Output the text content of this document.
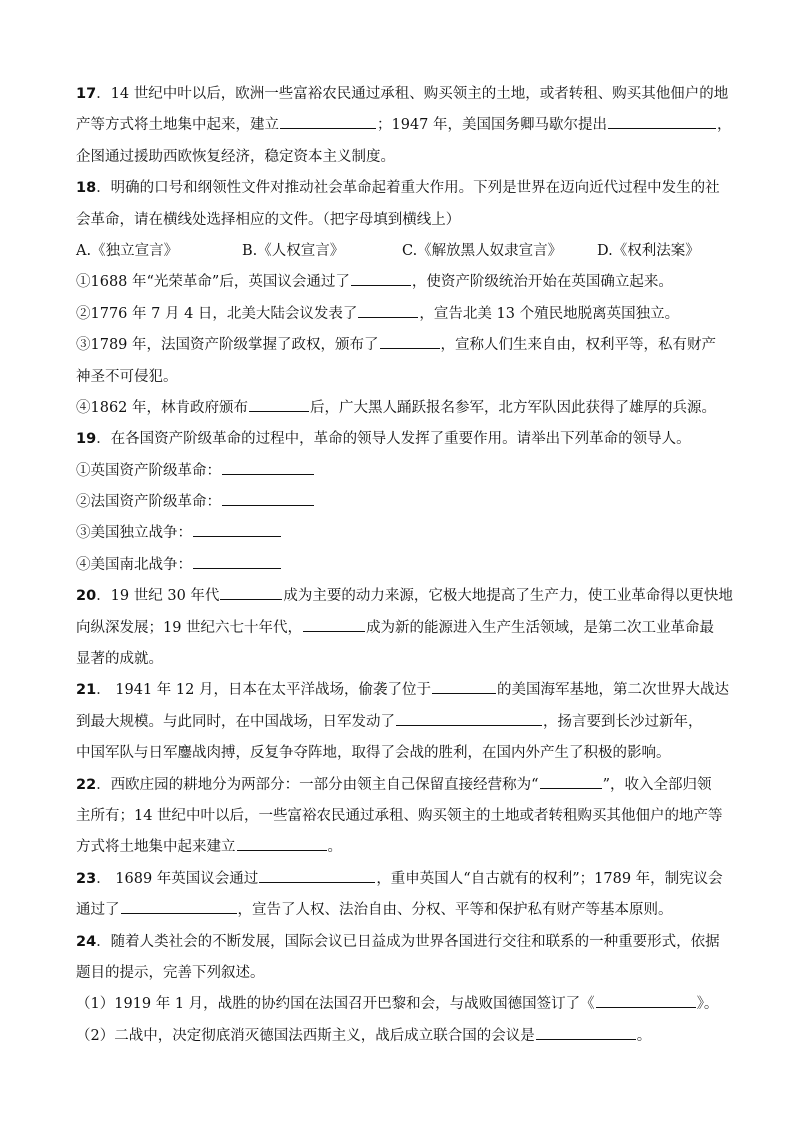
17．14 世纪中叶以后，欧洲一些富裕农民通过承租、购买领主的土地，或者转租、购买其他佃户的地
产等方式将土地集中起来，建立	；1947 年，美国国务卿马歇尔提出	，
企图通过援助西欧恢复经济，稳定资本主义制度。
18．明确的口号和纲领性文件对推动社会革命起着重大作用。下列是世界在迈向近代过程中发生的社
会革命，请在横线处选择相应的文件。（把字母填到横线上）
A.《独立宣言》	B.《人权宣言》	C.《解放黑人奴隶宣言》	D.《权利法案》
①1688 年“光荣革命”后，英国议会通过了	，使资产阶级统治开始在英国确立起来。
②1776 年 7 月 4 日，北美大陆会议发表了	，宣告北美 13 个殖民地脱离英国独立。
③1789 年，法国资产阶级掌握了政权，颁布了	，宣称人们生来自由，权利平等，私有财产
神圣不可侵犯。
④1862 年，林肯政府颁布	后，广大黑人踊跃报名参军，北方军队因此获得了雄厚的兵源。
19．在各国资产阶级革命的过程中，革命的领导人发挥了重要作用。请举出下列革命的领导人。
①英国资产阶级革命：
②法国资产阶级革命：
③美国独立战争：
④美国南北战争：
20．19 世纪 30 年代	成为主要的动力来源，它极大地提高了生产力，使工业革命得以更快地
向纵深发展；19 世纪六七十年代，	成为新的能源进入生产生活领域，是第二次工业革命最
显著的成就。
21． 1941 年 12 月，日本在太平洋战场，偷袭了位于	的美国海军基地，第二次世界大战达
到最大规模。与此同时，在中国战场，日军发动了	，扬言要到长沙过新年，
中国军队与日军鏖战肉搏，反复争夺阵地，取得了会战的胜利，在国内外产生了积极的影响。
22．西欧庄园的耕地分为两部分：一部分由领主自己保留直接经营称为“	”，收入全部归领
主所有；14 世纪中叶以后，一些富裕农民通过承租、购买领主的土地或者转租购买其他佃户的地产等
方式将土地集中起来建立	。
23． 1689 年英国议会通过	，重申英国人“自古就有的权利”；1789 年，制宪议会
通过了	，宣告了人权、法治自由、分权、平等和保护私有财产等基本原则。
24．随着人类社会的不断发展，国际会议已日益成为世界各国进行交往和联系的一种重要形式，依据
题目的提示，完善下列叙述。
（1）1919 年 1 月，战胜的协约国在法国召开巴黎和会，与战败国德国签订了《	》。
（2）二战中，决定彻底消灭德国法西斯主义，战后成立联合国的会议是	。
